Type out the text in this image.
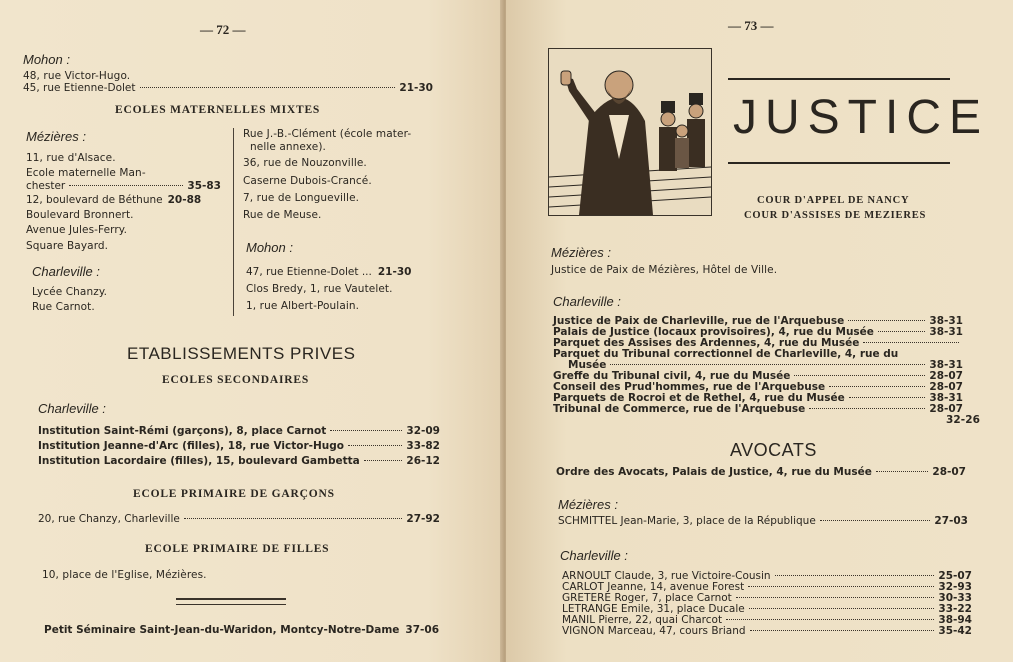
— 72 —
Mohon :
48, rue Victor-Hugo.
45, rue Etienne-Dolet	21-30
ECOLES MATERNELLES MIXTES
Mézières :
11, rue d'Alsace.
Ecole maternelle Man-
chester	35-83
12, boulevard de Béthune 20-88
Boulevard Bronnert.
Avenue Jules-Ferry.
Square Bayard.
Charleville :
Lycée Chanzy.
Rue Carnot.
Rue J.-B.-Clément (école mater-
nelle annexe).
36, rue de Nouzonville.
Caserne Dubois-Crancé.
7, rue de Longueville.
Rue de Meuse.
Mohon :
47, rue Etienne-Dolet ... 21-30
Clos Bredy, 1, rue Vautelet.
1, rue Albert-Poulain.
ETABLISSEMENTS PRIVES
ECOLES SECONDAIRES
Charleville :
Institution Saint-Rémi (garçons), 8, place Carnot	32-09
Institution Jeanne-d'Arc (filles), 18, rue Victor-Hugo	33-82
Institution Lacordaire (filles), 15, boulevard Gambetta	26-12
ECOLE PRIMAIRE DE GARÇONS
20, rue Chanzy, Charleville	27-92
ECOLE PRIMAIRE DE FILLES
10, place de l'Eglise, Mézières.
Petit Séminaire Saint-Jean-du-Waridon, Montcy-Notre-Dame 37-06
— 73 —
JUSTICE
COUR D'APPEL DE NANCY
COUR D'ASSISES DE MEZIERES
Mézières :
Justice de Paix de Mézières, Hôtel de Ville.
Charleville :
Justice de Paix de Charleville, rue de l'Arquebuse	38-31
Palais de Justice (locaux provisoires), 4, rue du Musée	38-31
Parquet des Assises des Ardennes, 4, rue du Musée
Parquet du Tribunal correctionnel de Charleville, 4, rue du
Musée	38-31
Greffe du Tribunal civil, 4, rue du Musée	28-07
Conseil des Prud'hommes, rue de l'Arquebuse	28-07
Parquets de Rocroi et de Rethel, 4, rue du Musée	38-31
Tribunal de Commerce, rue de l'Arquebuse	28-07
32-26
AVOCATS
Ordre des Avocats, Palais de Justice, 4, rue du Musée	28-07
Mézières :
SCHMITTEL Jean-Marie, 3, place de la République	27-03
Charleville :
ARNOULT Claude, 3, rue Victoire-Cousin	25-07
CARLOT Jeanne, 14, avenue Forest	32-93
GRETERE Roger, 7, place Carnot	30-33
LETRANGE Emile, 31, place Ducale	33-22
MANIL Pierre, 22, quai Charcot	38-94
VIGNON Marceau, 47, cours Briand	35-42
